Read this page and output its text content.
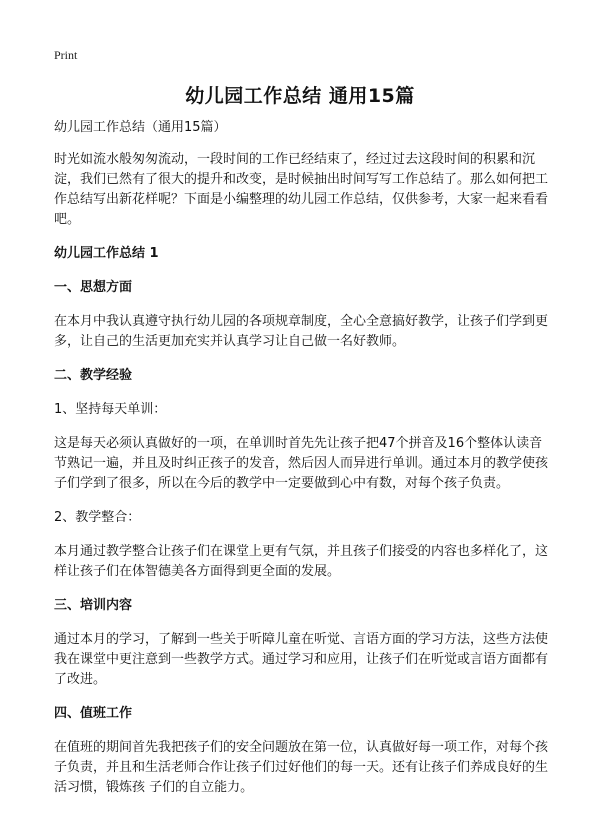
Print
幼儿园工作总结 通用15篇

幼儿园工作总结（通用15篇）

时光如流水般匆匆流动，一段时间的工作已经结束了，经过过去这段时间的积累和沉淀，我们已然有了很大的提升和改变，是时候抽出时间写写工作总结了。那么如何把工作总结写出新花样呢？下面是小编整理的幼儿园工作总结，仅供参考，大家一起来看看吧。

幼儿园工作总结 1

一、思想方面

在本月中我认真遵守执行幼儿园的各项规章制度，全心全意搞好教学，让孩子们学到更多，让自己的生活更加充实并认真学习让自己做一名好教师。

二、教学经验

1、坚持每天单训：

这是每天必须认真做好的一项，在单训时首先先让孩子把47个拼音及16个整体认读音节熟记一遍，并且及时纠正孩子的发音，然后因人而异进行单训。通过本月的教学使孩子们学到了很多，所以在今后的教学中一定要做到心中有数，对每个孩子负责。

2、教学整合：

本月通过教学整合让孩子们在课堂上更有气氛，并且孩子们接受的内容也多样化了，这样让孩子们在体智德美各方面得到更全面的发展。

三、培训内容

通过本月的学习，了解到一些关于听障儿童在听觉、言语方面的学习方法，这些方法使我在课堂中更注意到一些教学方式。通过学习和应用，让孩子们在听觉或言语方面都有了改进。

四、值班工作

在值班的期间首先我把孩子们的安全问题放在第一位，认真做好每一项工作，对每个孩子负责，并且和生活老师合作让孩子们过好他们的每一天。还有让孩子们养成良好的生活习惯，锻炼孩 子们的自立能力。
